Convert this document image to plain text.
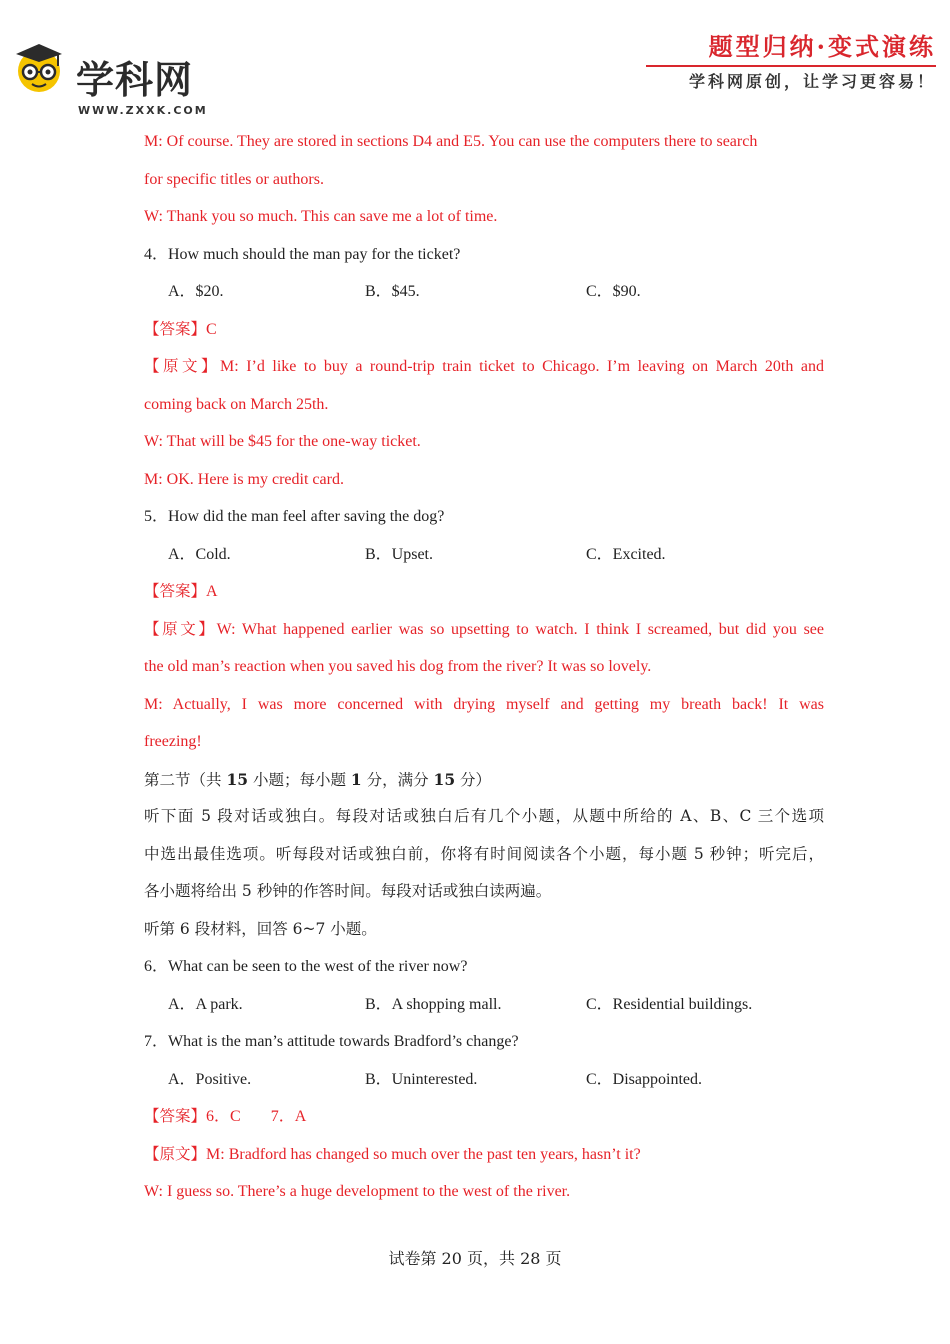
学科网
WWW.ZXXK.COM
题型归纳·变式演练
学科网原创，让学习更容易！
M: Of course. They are stored in sections D4 and E5. You can use the computers there to search
for specific titles or authors.
W: Thank you so much. This can save me a lot of time.
4．How much should the man pay for the ticket?
A．$20.	B．$45.	C．$90.
【答案】C
【原文】M: I’d like to buy a round-trip train ticket to Chicago. I’m leaving on March 20th and
coming back on March 25th.
W: That will be $45 for the one-way ticket.
M: OK. Here is my credit card.
5．How did the man feel after saving the dog?
A．Cold.	B．Upset.	C．Excited.
【答案】A
【原文】W: What happened earlier was so upsetting to watch. I think I screamed, but did you see
the old man’s reaction when you saved his dog from the river? It was so lovely.
M: Actually, I was more concerned with drying myself and getting my breath back! It was
freezing!
第二节（共 15 小题；每小题 1 分，满分 15 分）
听下面 5 段对话或独白。每段对话或独白后有几个小题，从题中所给的 A、B、C 三个选项
中选出最佳选项。听每段对话或独白前，你将有时间阅读各个小题，每小题 5 秒钟；听完后，
各小题将给出 5 秒钟的作答时间。每段对话或独白读两遍。
听第 6 段材料，回答 6~7 小题。
6．What can be seen to the west of the river now?
A．A park.	B．A shopping mall.	C．Residential buildings.
7．What is the man’s attitude towards Bradford’s change?
A．Positive.	B．Uninterested.	C．Disappointed.
【答案】6．C 7．A
【原文】M: Bradford has changed so much over the past ten years, hasn’t it?
W: I guess so. There’s a huge development to the west of the river.
试卷第 20 页，共 28 页
